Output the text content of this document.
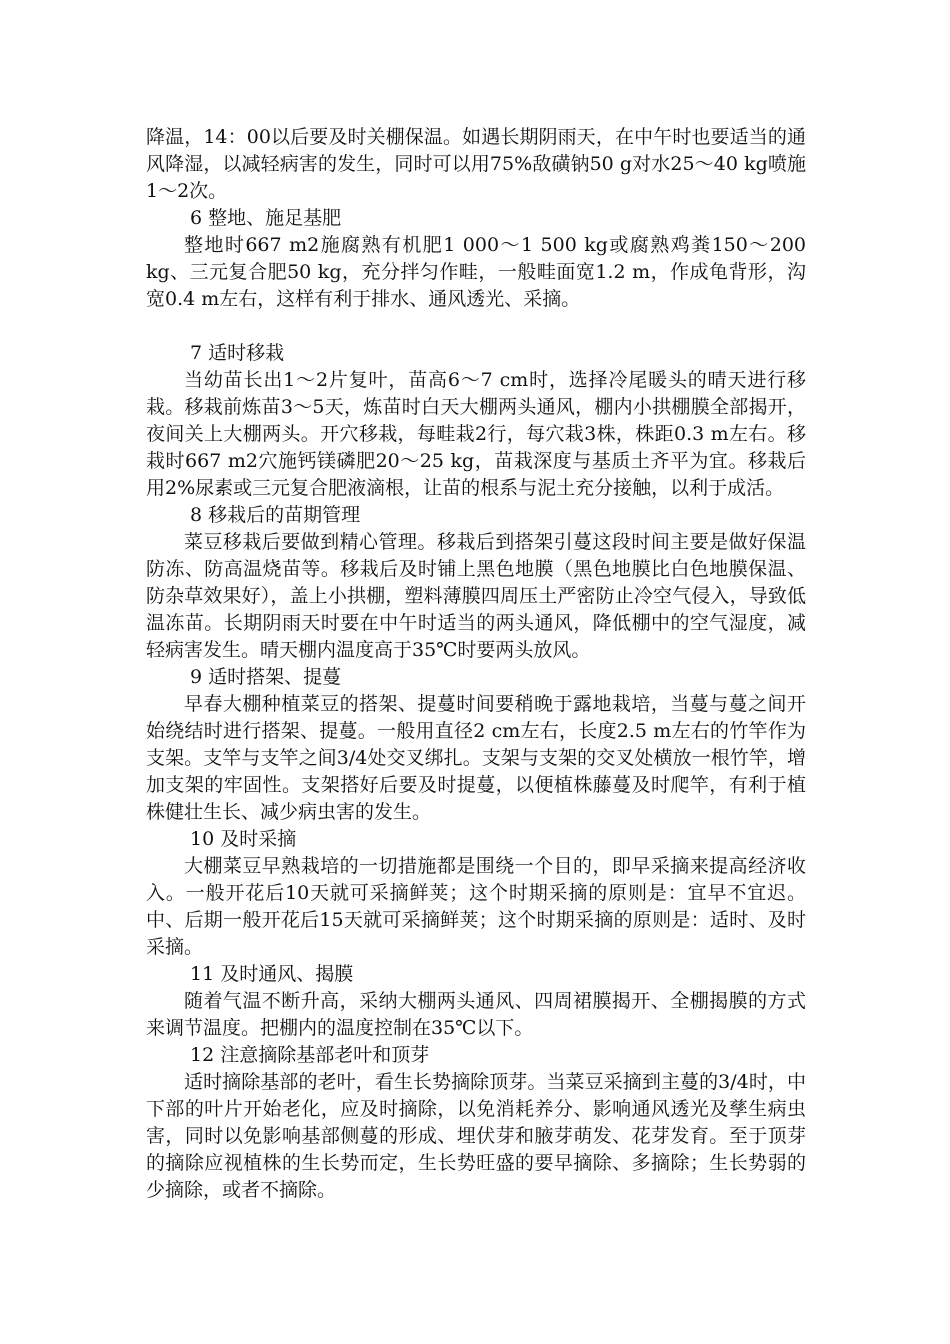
降温，14：00以后要及时关棚保温。如遇长期阴雨天，在中午时也要适当的通风降湿，以减轻病害的发生，同时可以用75%敌磺钠50 g对水25～40 kg喷施1～2次。

6 整地、施足基肥

整地时667 m2施腐熟有机肥1 000～1 500 kg或腐熟鸡粪150～200 kg、三元复合肥50 kg，充分拌匀作畦，一般畦面宽1.2 m，作成龟背形，沟宽0.4 m左右，这样有利于排水、通风透光、采摘。

7 适时移栽

当幼苗长出1～2片复叶，苗高6～7 cm时，选择冷尾暖头的晴天进行移栽。移栽前炼苗3～5天，炼苗时白天大棚两头通风，棚内小拱棚膜全部揭开，夜间关上大棚两头。开穴移栽，每畦栽2行，每穴栽3株，株距0.3 m左右。移栽时667 m2穴施钙镁磷肥20～25 kg，苗栽深度与基质土齐平为宜。移栽后用2%尿素或三元复合肥液滴根，让苗的根系与泥土充分接触，以利于成活。

8 移栽后的苗期管理

菜豆移栽后要做到精心管理。移栽后到搭架引蔓这段时间主要是做好保温防冻、防高温烧苗等。移栽后及时铺上黑色地膜（黑色地膜比白色地膜保温、防杂草效果好），盖上小拱棚，塑料薄膜四周压土严密防止冷空气侵入，导致低温冻苗。长期阴雨天时要在中午时适当的两头通风，降低棚中的空气湿度，减轻病害发生。晴天棚内温度高于35℃时要两头放风。

9 适时搭架、提蔓

早春大棚种植菜豆的搭架、提蔓时间要稍晚于露地栽培，当蔓与蔓之间开始绕结时进行搭架、提蔓。一般用直径2 cm左右，长度2.5 m左右的竹竿作为支架。支竿与支竿之间3/4处交叉绑扎。支架与支架的交叉处横放一根竹竿，增加支架的牢固性。支架搭好后要及时提蔓，以便植株藤蔓及时爬竿，有利于植株健壮生长、减少病虫害的发生。

10 及时采摘

大棚菜豆早熟栽培的一切措施都是围绕一个目的，即早采摘来提高经济收入。一般开花后10天就可采摘鲜荚；这个时期采摘的原则是：宜早不宜迟。中、后期一般开花后15天就可采摘鲜荚；这个时期采摘的原则是：适时、及时采摘。

11 及时通风、揭膜

随着气温不断升高，采纳大棚两头通风、四周裙膜揭开、全棚揭膜的方式来调节温度。把棚内的温度控制在35℃以下。

12 注意摘除基部老叶和顶芽

适时摘除基部的老叶，看生长势摘除顶芽。当菜豆采摘到主蔓的3/4时，中下部的叶片开始老化，应及时摘除，以免消耗养分、影响通风透光及孳生病虫害，同时以免影响基部侧蔓的形成、埋伏芽和腋芽萌发、花芽发育。至于顶芽的摘除应视植株的生长势而定，生长势旺盛的要早摘除、多摘除；生长势弱的少摘除，或者不摘除。
